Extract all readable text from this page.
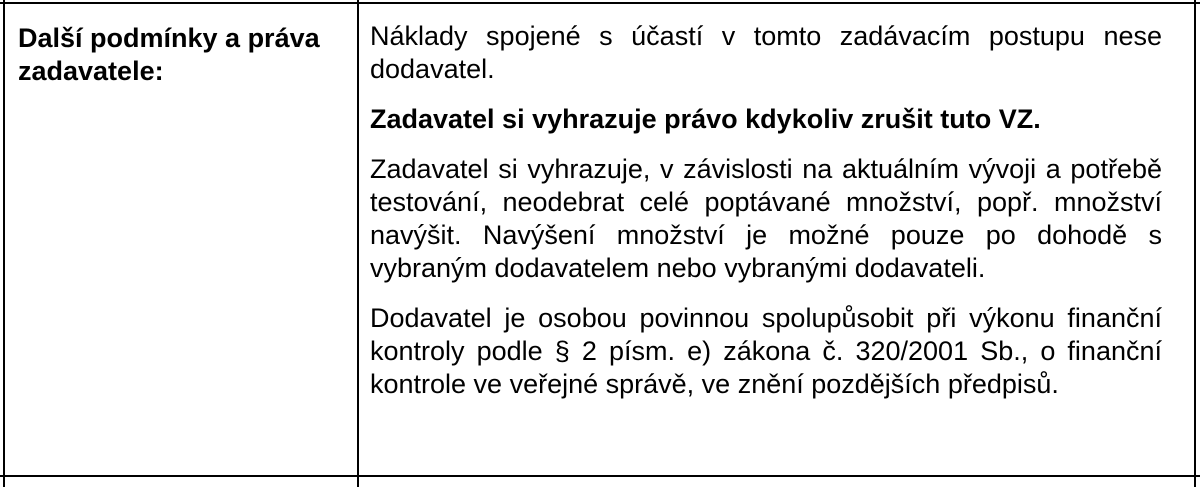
Další podmínky a práva zadavatele:

Náklady spojené s účastí v tomto zadávacím postupu nese dodavatel.

Zadavatel si vyhrazuje právo kdykoliv zrušit tuto VZ.

Zadavatel si vyhrazuje, v závislosti na aktuálním vývoji a potřebě testování, neodebrat celé poptávané množství, popř. množství navýšit. Navýšení množství je možné pouze po dohodě s vybraným dodavatelem nebo vybranými dodavateli.

Dodavatel je osobou povinnou spolupůsobit při výkonu finanční kontroly podle § 2 písm. e) zákona č. 320/2001 Sb., o finanční kontrole ve veřejné správě, ve znění pozdějších předpisů.
